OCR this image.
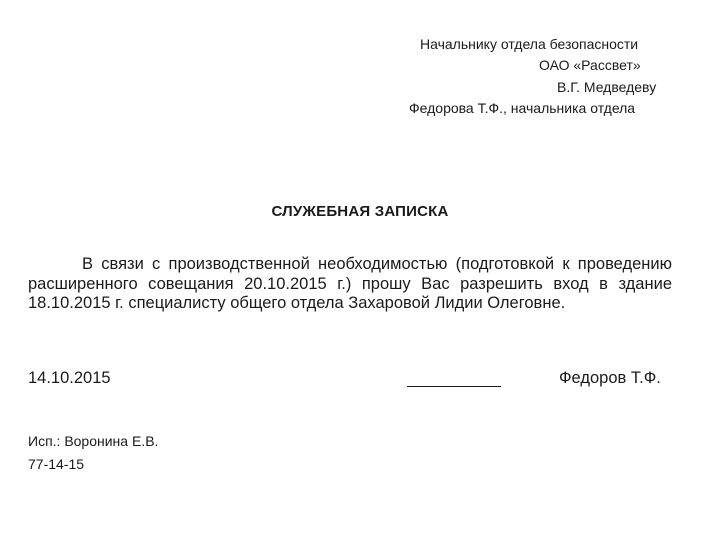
Начальнику отдела безопасности
ОАО «Рассвет»
В.Г. Медведеву
Федорова Т.Ф., начальника отдела
СЛУЖЕБНАЯ ЗАПИСКА
В связи с производственной необходимостью (подготовкой к проведению расширенного совещания 20.10.2015 г.) прошу Вас разрешить вход в здание 18.10.2015 г. специалисту общего отдела Захаровой Лидии Олеговне.
14.10.2015	Федоров Т.Ф.
Исп.: Воронина Е.В.
77-14-15
